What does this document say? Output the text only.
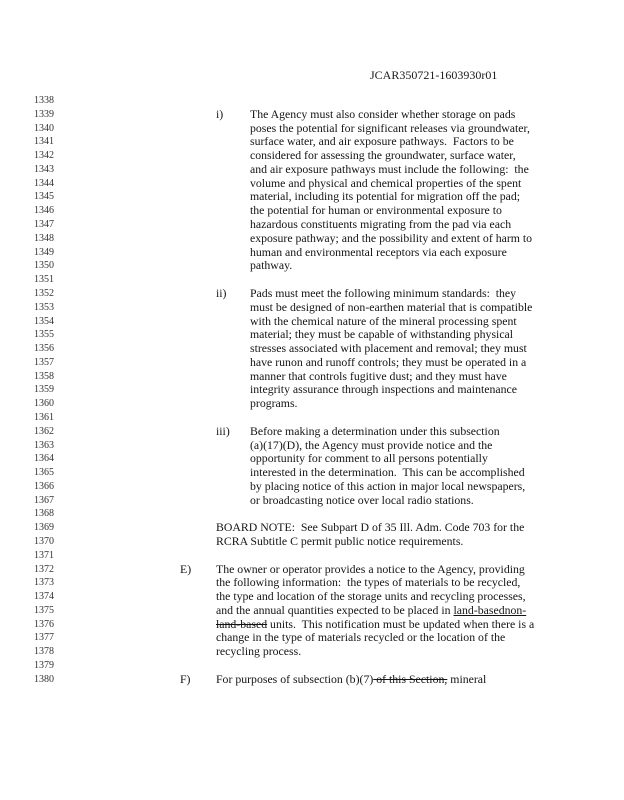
JCAR350721-1603930r01
1338
1339	i) The Agency must also consider whether storage on pads
1340	poses the potential for significant releases via groundwater,
1341	surface water, and air exposure pathways.  Factors to be
1342	considered for assessing the groundwater, surface water,
1343	and air exposure pathways must include the following:  the
1344	volume and physical and chemical properties of the spent
1345	material, including its potential for migration off the pad;
1346	the potential for human or environmental exposure to
1347	hazardous constituents migrating from the pad via each
1348	exposure pathway; and the possibility and extent of harm to
1349	human and environmental receptors via each exposure
1350	pathway.
1351
1352	ii) Pads must meet the following minimum standards:  they
1353	must be designed of non-earthen material that is compatible
1354	with the chemical nature of the mineral processing spent
1355	material; they must be capable of withstanding physical
1356	stresses associated with placement and removal; they must
1357	have runon and runoff controls; they must be operated in a
1358	manner that controls fugitive dust; and they must have
1359	integrity assurance through inspections and maintenance
1360	programs.
1361
1362	iii) Before making a determination under this subsection
1363	(a)(17)(D), the Agency must provide notice and the
1364	opportunity for comment to all persons potentially
1365	interested in the determination.  This can be accomplished
1366	by placing notice of this action in major local newspapers,
1367	or broadcasting notice over local radio stations.
1368
1369	BOARD NOTE:  See Subpart D of 35 Ill. Adm. Code 703 for the
1370	RCRA Subtitle C permit public notice requirements.
1371
1372	E) The owner or operator provides a notice to the Agency, providing
1373	the following information:  the types of materials to be recycled,
1374	the type and location of the storage units and recycling processes,
1375	and the annual quantities expected to be placed in land-basednon-
1376	land-based units.  This notification must be updated when there is a
1377	change in the type of materials recycled or the location of the
1378	recycling process.
1379
1380	F) For purposes of subsection (b)(7) of this Section, mineral
